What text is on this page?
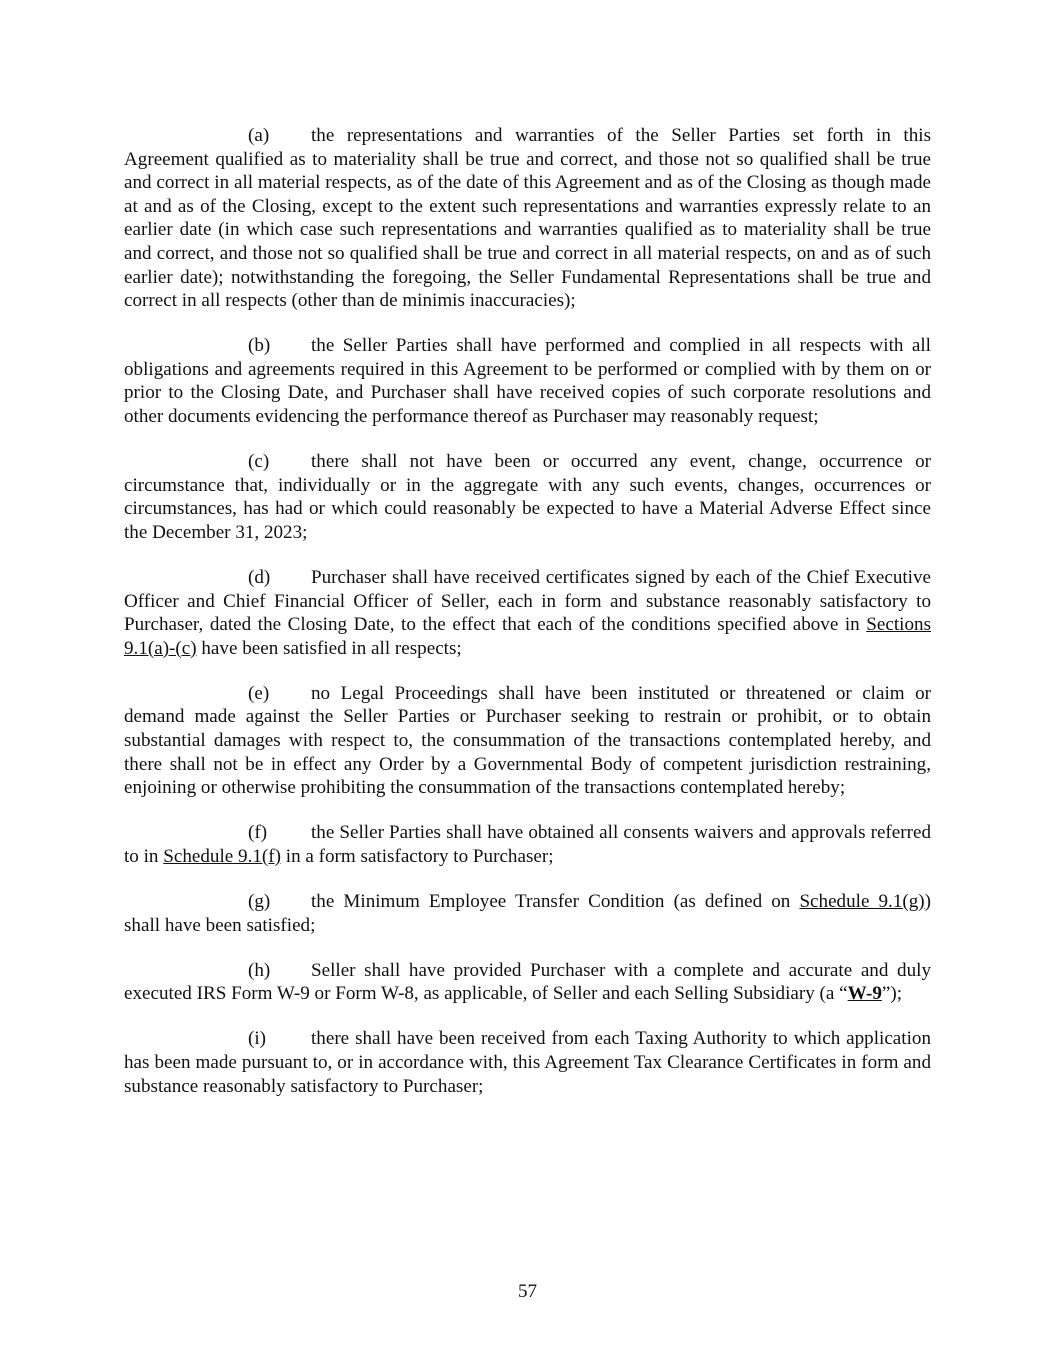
(a) the representations and warranties of the Seller Parties set forth in this Agreement qualified as to materiality shall be true and correct, and those not so qualified shall be true and correct in all material respects, as of the date of this Agreement and as of the Closing as though made at and as of the Closing, except to the extent such representations and warranties expressly relate to an earlier date (in which case such representations and warranties qualified as to materiality shall be true and correct, and those not so qualified shall be true and correct in all material respects, on and as of such earlier date); notwithstanding the foregoing, the Seller Fundamental Representations shall be true and correct in all respects (other than de minimis inaccuracies);

(b) the Seller Parties shall have performed and complied in all respects with all obligations and agreements required in this Agreement to be performed or complied with by them on or prior to the Closing Date, and Purchaser shall have received copies of such corporate resolutions and other documents evidencing the performance thereof as Purchaser may reasonably request;

(c) there shall not have been or occurred any event, change, occurrence or circumstance that, individually or in the aggregate with any such events, changes, occurrences or circumstances, has had or which could reasonably be expected to have a Material Adverse Effect since the December 31, 2023;

(d) Purchaser shall have received certificates signed by each of the Chief Executive Officer and Chief Financial Officer of Seller, each in form and substance reasonably satisfactory to Purchaser, dated the Closing Date, to the effect that each of the conditions specified above in Sections 9.1(a)-(c) have been satisfied in all respects;

(e) no Legal Proceedings shall have been instituted or threatened or claim or demand made against the Seller Parties or Purchaser seeking to restrain or prohibit, or to obtain substantial damages with respect to, the consummation of the transactions contemplated hereby, and there shall not be in effect any Order by a Governmental Body of competent jurisdiction restraining, enjoining or otherwise prohibiting the consummation of the transactions contemplated hereby;

(f) the Seller Parties shall have obtained all consents waivers and approvals referred to in Schedule 9.1(f) in a form satisfactory to Purchaser;

(g) the Minimum Employee Transfer Condition (as defined on Schedule 9.1(g)) shall have been satisfied;

(h) Seller shall have provided Purchaser with a complete and accurate and duly executed IRS Form W-9 or Form W-8, as applicable, of Seller and each Selling Subsidiary (a “W-9”);

(i) there shall have been received from each Taxing Authority to which application has been made pursuant to, or in accordance with, this Agreement Tax Clearance Certificates in form and substance reasonably satisfactory to Purchaser;

57
